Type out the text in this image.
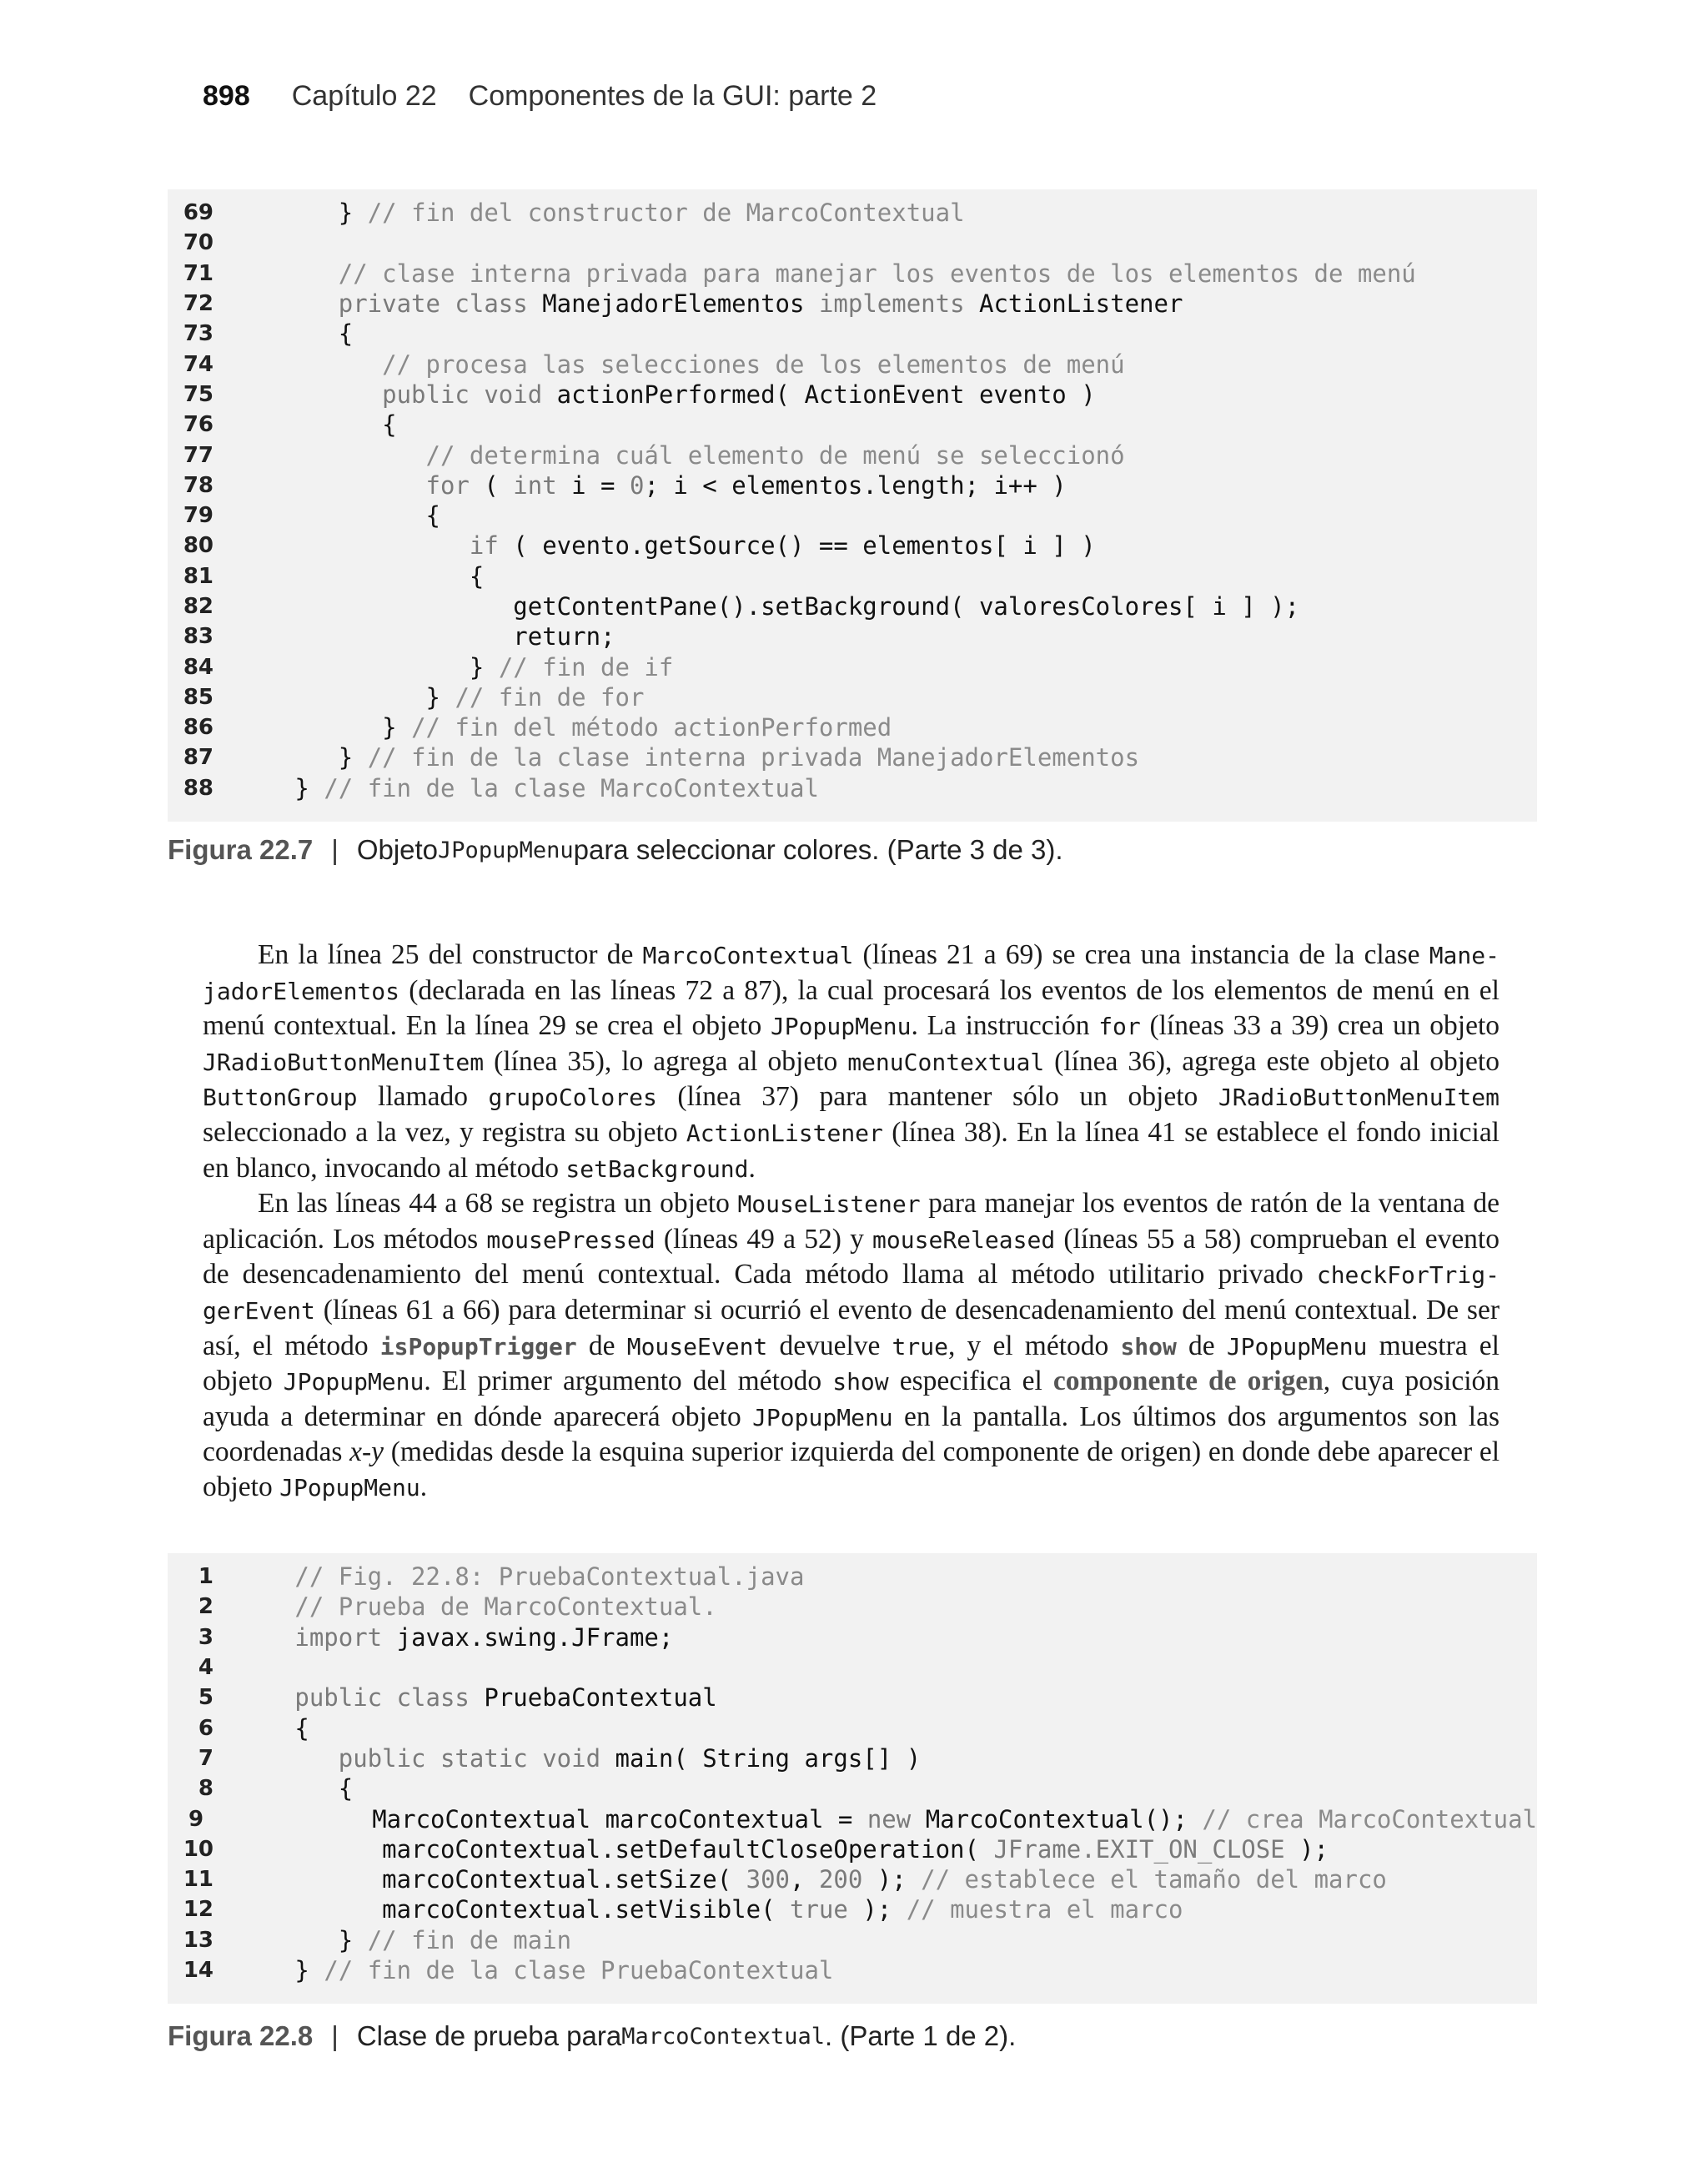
898 Capítulo 22 Componentes de la GUI: parte 2
69 } // fin del constructor de MarcoContextual
70
71 // clase interna privada para manejar los eventos de los elementos de menú
72 private class ManejadorElementos implements ActionListener
73 {
74 // procesa las selecciones de los elementos de menú
75 public void actionPerformed( ActionEvent evento )
76 {
77 // determina cuál elemento de menú se seleccionó
78 for ( int i = 0; i < elementos.length; i++ )
79 {
80 if ( evento.getSource() == elementos[ i ] )
81 {
82 getContentPane().setBackground( valoresColores[ i ] );
83 return;
84 } // fin de if
85 } // fin de for
86 } // fin del método actionPerformed
87 } // fin de la clase interna privada ManejadorElementos
88 } // fin de la clase MarcoContextual
Figura 22.7 | Objeto JPopupMenu para seleccionar colores. (Parte 3 de 3).

En la línea 25 del constructor de MarcoContextual (líneas 21 a 69) se crea una instancia de la clase Mane-jadorElementos (declarada en las líneas 72 a 87), la cual procesará los eventos de los elementos de menú en el menú contextual. En la línea 29 se crea el objeto JPopupMenu. La instrucción for (líneas 33 a 39) crea un objeto JRadioButtonMenuItem (línea 35), lo agrega al objeto menuContextual (línea 36), agrega este objeto al objeto ButtonGroup llamado grupoColores (línea 37) para mantener sólo un objeto JRadioButtonMenuItem seleccionado a la vez, y registra su objeto ActionListener (línea 38). En la línea 41 se establece el fondo inicial en blanco, invocando al método setBackground.

En las líneas 44 a 68 se registra un objeto MouseListener para manejar los eventos de ratón de la ventana de aplicación. Los métodos mousePressed (líneas 49 a 52) y mouseReleased (líneas 55 a 58) comprueban el evento de desencadenamiento del menú contextual. Cada método llama al método utilitario privado checkForTrig-gerEvent (líneas 61 a 66) para determinar si ocurrió el evento de desencadenamiento del menú contextual. De ser así, el método isPopupTrigger de MouseEvent devuelve true, y el método show de JPopupMenu muestra el objeto JPopupMenu. El primer argumento del método show especifica el componente de origen, cuya posición ayuda a determinar en dónde aparecerá objeto JPopupMenu en la pantalla. Los últimos dos argumentos son las coordenadas x-y (medidas desde la esquina superior izquierda del componente de origen) en donde debe aparecer el objeto JPopupMenu.

1 // Fig. 22.8: PruebaContextual.java
2 // Prueba de MarcoContextual.
3 import javax.swing.JFrame;
4
5 public class PruebaContextual
6 {
7 public static void main( String args[] )
8 {
9 MarcoContextual marcoContextual = new MarcoContextual(); // crea MarcoContextual
10 marcoContextual.setDefaultCloseOperation( JFrame.EXIT_ON_CLOSE );
11 marcoContextual.setSize( 300, 200 ); // establece el tamaño del marco
12 marcoContextual.setVisible( true ); // muestra el marco
13 } // fin de main
14 } // fin de la clase PruebaContextual
Figura 22.8 | Clase de prueba para MarcoContextual . (Parte 1 de 2).
